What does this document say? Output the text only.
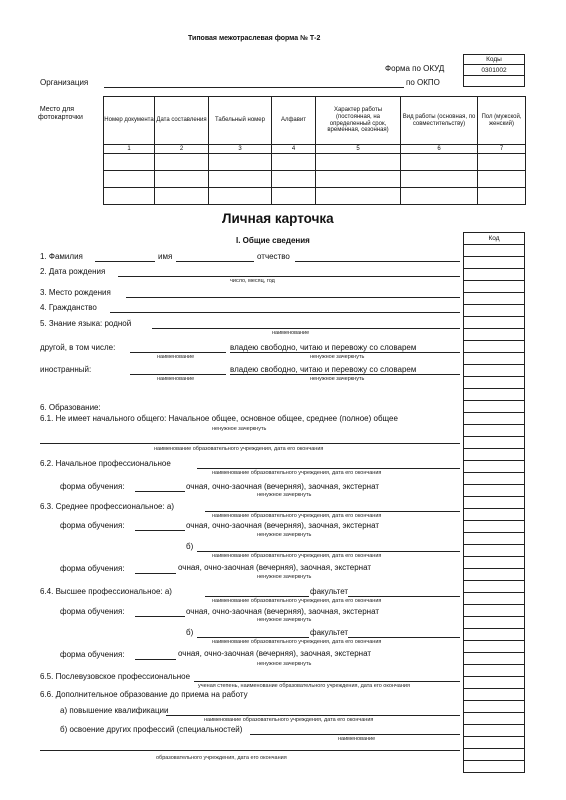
Типовая межотраслевая форма № Т-2
Коды
0301002

Форма по ОКУД
Организация	по ОКПО
Место для фотокарточки	Номер документа	Дата составления	Табельный номер	Алфавит	Характер работы (постоянная, на определенный срок, временная, сезонная)	Вид работы (основная, по совместительству)	Пол (мужской, женский)
1	2	3	4	5	6	7

Личная карточка
I. Общие сведения	Код

1. Фамилия	имя	отчество
2. Дата рождения
число, месяц, год
3. Место рождения
4. Гражданство
5. Знание языка: родной
наименование
другой, в том числе:
наименование
владею свободно, читаю и перевожу со словарем
ненужное зачеркнуть
иностранный:
наименование
владею свободно, читаю и перевожу со словарем
ненужное зачеркнуть
6. Образование:
6.1. Не имеет начального общего: Начальное общее, основное общее, среднее (полное) общее
ненужное зачеркнуть
наименование образовательного учреждения, дата его окончания
6.2. Начальное профессиональное
наименование образовательного учреждения, дата его окончания
форма обучения:	очная, очно-заочная (вечерняя), заочная, экстернат
ненужное зачеркнуть
6.3. Среднее профессиональное: а)
наименование образовательного учреждения, дата его окончания
форма обучения:	очная, очно-заочная (вечерняя), заочная, экстернат
ненужное зачеркнуть
б)
наименование образовательного учреждения, дата его окончания
форма обучения:	очная, очно-заочная (вечерняя), заочная, экстернат
ненужное зачеркнуть
6.4. Высшее профессиональное: а)	факультет
наименование образовательного учреждения, дата его окончания
форма обучения:	очная, очно-заочная (вечерняя), заочная, экстернат
ненужное зачеркнуть
б)	факультет
наименование образовательного учреждения, дата его окончания
форма обучения:	очная, очно-заочная (вечерняя), заочная, экстернат
ненужное зачеркнуть
6.5. Послевузовское профессиональное
ученая степень, наименование образовательного учреждения, дата его окончания
6.6. Дополнительное образование до приема на работу
а) повышение квалификации
наименование образовательного учреждения, дата его окончания
б) освоение других профессий (специальностей)
наименование
образовательного учреждения, дата его окончания
